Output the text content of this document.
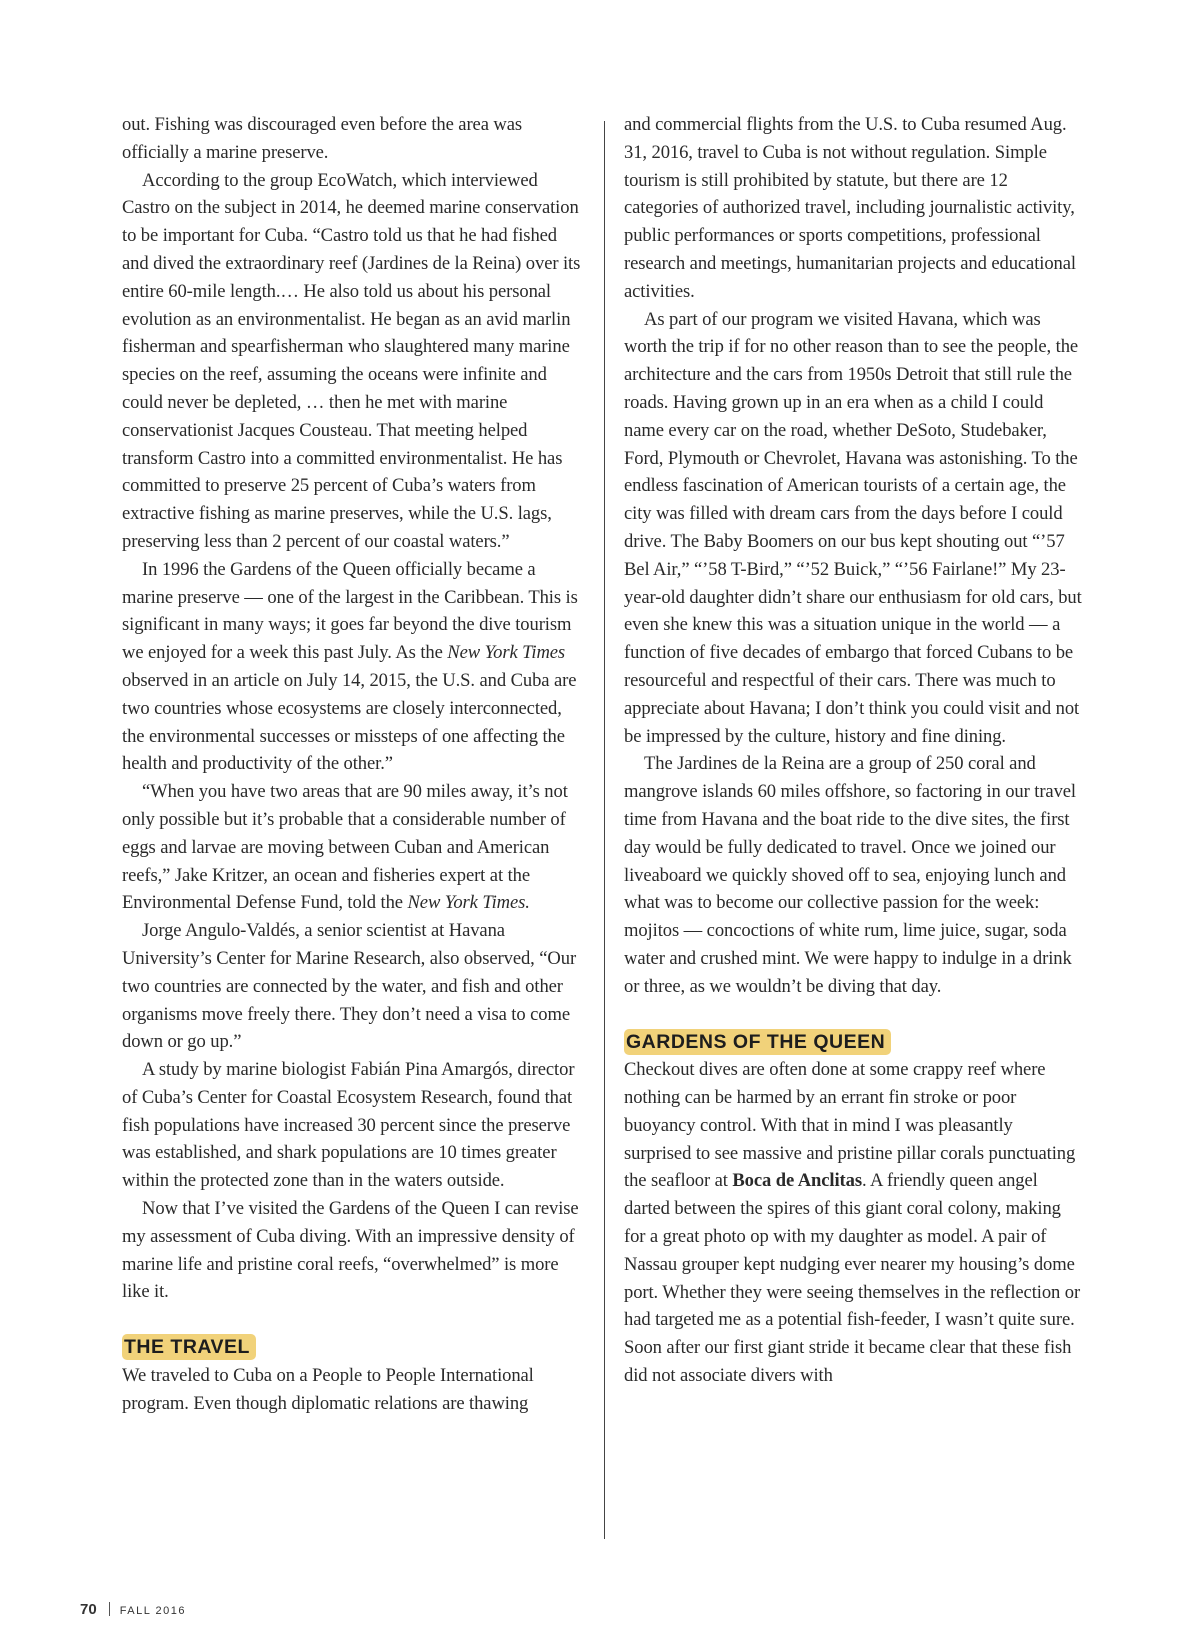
out. Fishing was discouraged even before the area was officially a marine preserve.

According to the group EcoWatch, which interviewed Castro on the subject in 2014, he deemed marine conservation to be important for Cuba. “Castro told us that he had fished and dived the extraordinary reef (Jardines de la Reina) over its entire 60-mile length.… He also told us about his personal evolution as an environmentalist. He began as an avid marlin fisherman and spearfisherman who slaughtered many marine species on the reef, assuming the oceans were infinite and could never be depleted, … then he met with marine conservationist Jacques Cousteau. That meeting helped transform Castro into a committed environmentalist. He has committed to preserve 25 percent of Cuba’s waters from extractive fishing as marine preserves, while the U.S. lags, preserving less than 2 percent of our coastal waters.”

In 1996 the Gardens of the Queen officially became a marine preserve — one of the largest in the Caribbean. This is significant in many ways; it goes far beyond the dive tourism we enjoyed for a week this past July. As the New York Times observed in an article on July 14, 2015, the U.S. and Cuba are two countries whose ecosystems are closely interconnected, the environmental successes or missteps of one affecting the health and productivity of the other.”

“When you have two areas that are 90 miles away, it’s not only possible but it’s probable that a considerable number of eggs and larvae are moving between Cuban and American reefs,” Jake Kritzer, an ocean and fisheries expert at the Environmental Defense Fund, told the New York Times.

Jorge Angulo-Valdés, a senior scientist at Havana University’s Center for Marine Research, also observed, “Our two countries are connected by the water, and fish and other organisms move freely there. They don’t need a visa to come down or go up.”

A study by marine biologist Fabián Pina Amargós, director of Cuba’s Center for Coastal Ecosystem Research, found that fish populations have increased 30 percent since the preserve was established, and shark populations are 10 times greater within the protected zone than in the waters outside.

Now that I’ve visited the Gardens of the Queen I can revise my assessment of Cuba diving. With an impressive density of marine life and pristine coral reefs, “overwhelmed” is more like it.

THE TRAVEL

We traveled to Cuba on a People to People International program. Even though diplomatic relations are thawing

and commercial flights from the U.S. to Cuba resumed Aug. 31, 2016, travel to Cuba is not without regulation. Simple tourism is still prohibited by statute, but there are 12 categories of authorized travel, including journalistic activity, public performances or sports competitions, professional research and meetings, humanitarian projects and educational activities.

As part of our program we visited Havana, which was worth the trip if for no other reason than to see the people, the architecture and the cars from 1950s Detroit that still rule the roads. Having grown up in an era when as a child I could name every car on the road, whether DeSoto, Studebaker, Ford, Plymouth or Chevrolet, Havana was astonishing. To the endless fascination of American tourists of a certain age, the city was filled with dream cars from the days before I could drive. The Baby Boomers on our bus kept shouting out “’57 Bel Air,” “’58 T-Bird,” “’52 Buick,” “’56 Fairlane!” My 23-year-old daughter didn’t share our enthusiasm for old cars, but even she knew this was a situation unique in the world — a function of five decades of embargo that forced Cubans to be resourceful and respectful of their cars. There was much to appreciate about Havana; I don’t think you could visit and not be impressed by the culture, history and fine dining.

The Jardines de la Reina are a group of 250 coral and mangrove islands 60 miles offshore, so factoring in our travel time from Havana and the boat ride to the dive sites, the first day would be fully dedicated to travel. Once we joined our liveaboard we quickly shoved off to sea, enjoying lunch and what was to become our collective passion for the week: mojitos — concoctions of white rum, lime juice, sugar, soda water and crushed mint. We were happy to indulge in a drink or three, as we wouldn’t be diving that day.

GARDENS OF THE QUEEN

Checkout dives are often done at some crappy reef where nothing can be harmed by an errant fin stroke or poor buoyancy control. With that in mind I was pleasantly surprised to see massive and pristine pillar corals punctuating the seafloor at Boca de Anclitas. A friendly queen angel darted between the spires of this giant coral colony, making for a great photo op with my daughter as model. A pair of Nassau grouper kept nudging ever nearer my housing’s dome port. Whether they were seeing themselves in the reflection or had targeted me as a potential fish-feeder, I wasn’t quite sure. Soon after our first giant stride it became clear that these fish did not associate divers with

70 FALL 2016
